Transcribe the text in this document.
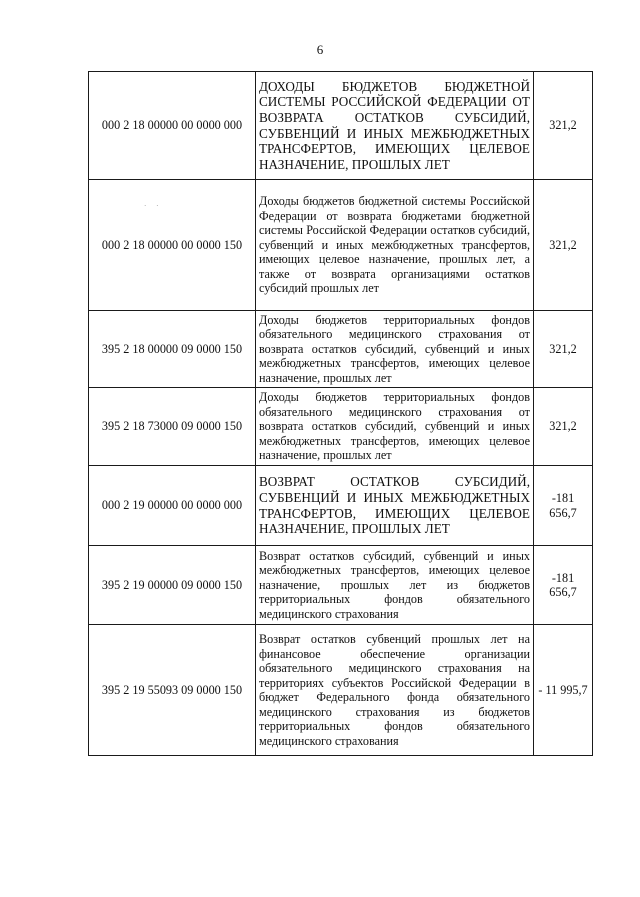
6
· ·
000 2 18 00000 00 0000 000	ДОХОДЫ БЮДЖЕТОВ БЮДЖЕТНОЙ СИСТЕМЫ РОССИЙСКОЙ ФЕДЕРАЦИИ ОТ ВОЗВРАТА ОСТАТКОВ СУБСИДИЙ, СУБВЕНЦИЙ И ИНЫХ МЕЖБЮДЖЕТНЫХ ТРАНСФЕРТОВ, ИМЕЮЩИХ ЦЕЛЕВОЕ НАЗНАЧЕНИЕ, ПРОШЛЫХ ЛЕТ	321,2
000 2 18 00000 00 0000 150	Доходы бюджетов бюджетной системы Российской Федерации от возврата бюджетами бюджетной системы Российской Федерации остатков субсидий, субвенций и иных межбюджетных трансфертов, имеющих целевое назначение, прошлых лет, а также от возврата организациями остатков субсидий прошлых лет	321,2
395 2 18 00000 09 0000 150	Доходы бюджетов территориальных фондов обязательного медицинского страхования от возврата остатков субсидий, субвенций и иных межбюджетных трансфертов, имеющих целевое назначение, прошлых лет	321,2
395 2 18 73000 09 0000 150	Доходы бюджетов территориальных фондов обязательного медицинского страхования от возврата остатков субсидий, субвенций и иных межбюджетных трансфертов, имеющих целевое назначение, прошлых лет	321,2
000 2 19 00000 00 0000 000	ВОЗВРАТ ОСТАТКОВ СУБСИДИЙ, СУБВЕНЦИЙ И ИНЫХ МЕЖБЮДЖЕТНЫХ ТРАНСФЕРТОВ, ИМЕЮЩИХ ЦЕЛЕВОЕ НАЗНАЧЕНИЕ, ПРОШЛЫХ ЛЕТ	-181 656,7
395 2 19 00000 09 0000 150	Возврат остатков субсидий, субвенций и иных межбюджетных трансфертов, имеющих целевое назначение, прошлых лет из бюджетов территориальных фондов обязательного медицинского страхования	-181 656,7
395 2 19 55093 09 0000 150	Возврат остатков субвенций прошлых лет на финансовое обеспечение организации обязательного медицинского страхования на территориях субъектов Российской Федерации в бюджет Федерального фонда обязательного медицинского страхования из бюджетов территориальных фондов обязательного медицинского страхования	- 11 995,7
